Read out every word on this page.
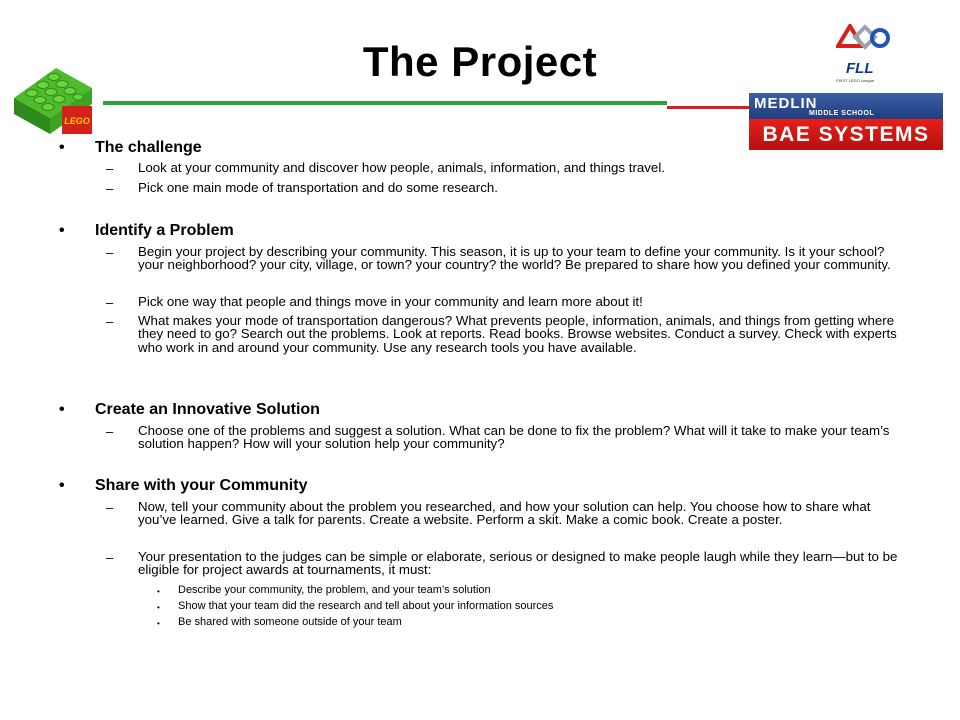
The Project
LEGO
FLL
FIRST LEGO League
MEDLIN
MIDDLE SCHOOL
BAE SYSTEMS
• The challenge
– Look at your community and discover how people, animals, information, and things travel.
– Pick one main mode of transportation and do some research.
• Identify a Problem
– Begin your project by describing your community. This season, it is up to your team to define your community. Is it your school? your neighborhood? your city, village, or town? your country? the world? Be prepared to share how you defined your community.
– Pick one way that people and things move in your community and learn more about it!
– What makes your mode of transportation dangerous? What prevents people, information, animals, and things from getting where they need to go? Search out the problems. Look at reports. Read books. Browse websites. Conduct a survey. Check with experts who work in and around your community. Use any research tools you have available.
• Create an Innovative Solution
– Choose one of the problems and suggest a solution. What can be done to fix the problem? What will it take to make your team’s solution happen? How will your solution help your community?
• Share with your Community
– Now, tell your community about the problem you researched, and how your solution can help. You choose how to share what you’ve learned. Give a talk for parents. Create a website. Perform a skit. Make a comic book. Create a poster.
– Your presentation to the judges can be simple or elaborate, serious or designed to make people laugh while they learn—but to be eligible for project awards at tournaments, it must:
• Describe your community, the problem, and your team’s solution
• Show that your team did the research and tell about your information sources
• Be shared with someone outside of your team
